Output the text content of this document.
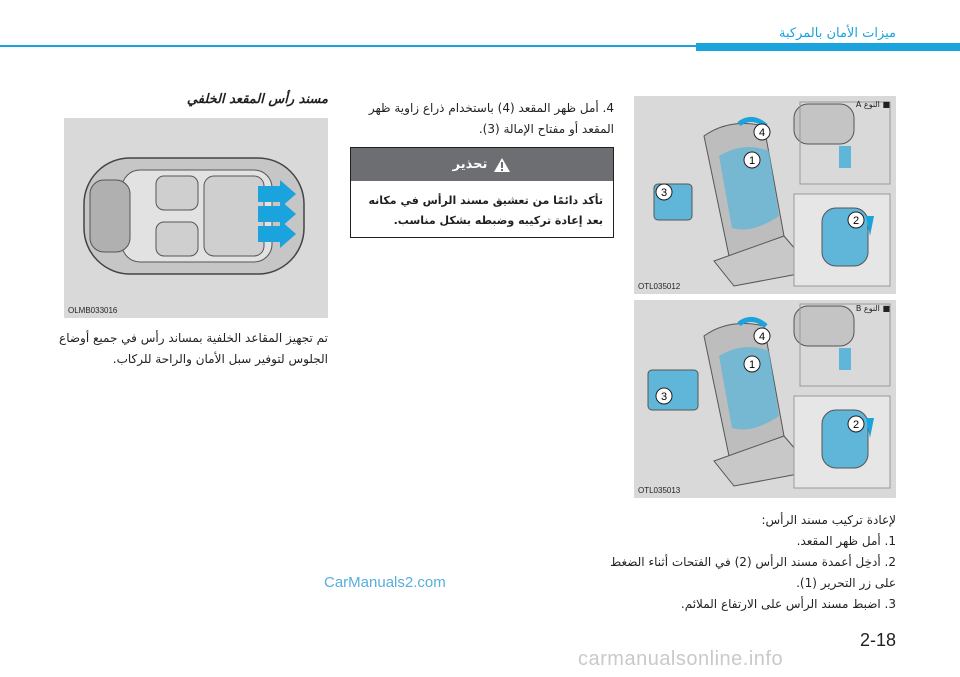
ميزات الأمان بالمركبة
1
2
3
4
■ النوع A
OTL035012
1
2
3
4
■ النوع B
OTL035013
OLMB033016
مسند رأس المقعد الخلفي
4. أمل ظهر المقعد (4) باستخدام ذراع زاوية ظهر المقعد أو مفتاح الإمالة (3).
تحذير
تأكد دائمًا من تعشيق مسند الرأس في مكانه بعد إعادة تركيبه وضبطه بشكل مناسب.
تم تجهيز المقاعد الخلفية بمساند رأس في جميع أوضاع الجلوس لتوفير سبل الأمان والراحة للركاب.
لإعادة تركيب مسند الرأس:
1. أمل ظهر المقعد.
2. أدخِل أعمدة مسند الرأس (2) في الفتحات أثناء الضغط على زر التحرير (1).
3. اضبط مسند الرأس على الارتفاع الملائم.
CarManuals2.com
2-18
carmanualsonline.info
